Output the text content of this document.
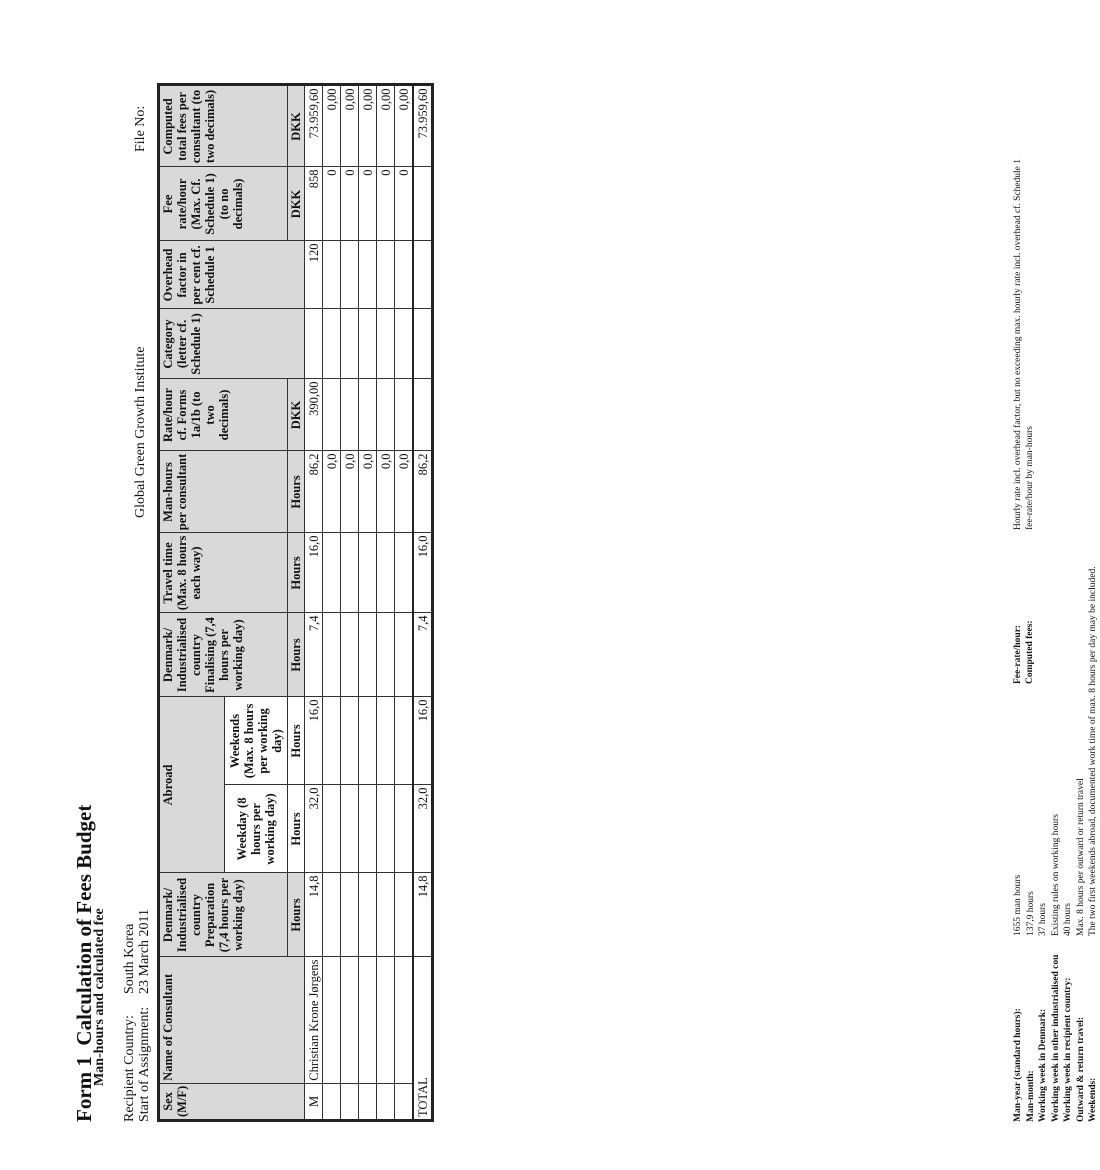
Form 1  Calculation of Fees Budget
Man-hours and calculated fee Recipient Country:
South Korea
Start of Assignment:
23 March 2011
Global Green Growth Institute
File No:
Sex (M/F)	Name of Consultant	Denmark/ Industrialised country Preparation (7,4 hours per working day)	Abroad		Denmark/ Industrialised country Finalising (7,4 hours per working day)	Travel time (Max. 8 hours each way)	Man-hours per consultant	Rate/hour cf. Forms 1a/1b (to two decimals)	Category (letter cf. Schedule 1)	Overhead factor in per cent cf. Schedule 1	Fee rate/hour (Max. Cf. Schedule 1) (to no decimals)	Computed total fees per consultant (to two decimals)
			Weekday (8 hours per working day)	Weekends (Max. 8 hours per working day)								
		Hours	Hours	Hours	Hours	Hours	Hours	DKK			DKK	DKK
M	Christian Krone Jørgens	14,8	32,0	16,0	7,4	16,0	86,2	390,00		120	858	73.959,60
							0,0				0	0,00
							0,0				0	0,00
							0,0				0	0,00
							0,0				0	0,00
							0,0				0	0,00
TOTAL		14,8	32,0	16,0	7,4	16,0	86,2					73.959,60
Man-year (standard hours):
1655 man hours
Man-month:
137,9 hours
Working week in Denmark:
37 hours
Working week in other industrialised cou
Existing rules on working hours
Working week in recipient country:
40 hours
Outward & return travel:
Max. 8 hours per outward or return travel
Weekends:
The two first weekends abroad, documented work time of max. 8 hours per day may be included.
Fee-rate/hour: Computed fees:
Hourly rate incl. overhead factor, but no exceeding max. hourly rate incl. overhead cf. Schedule 1 fee-rate/hour by man-hours
